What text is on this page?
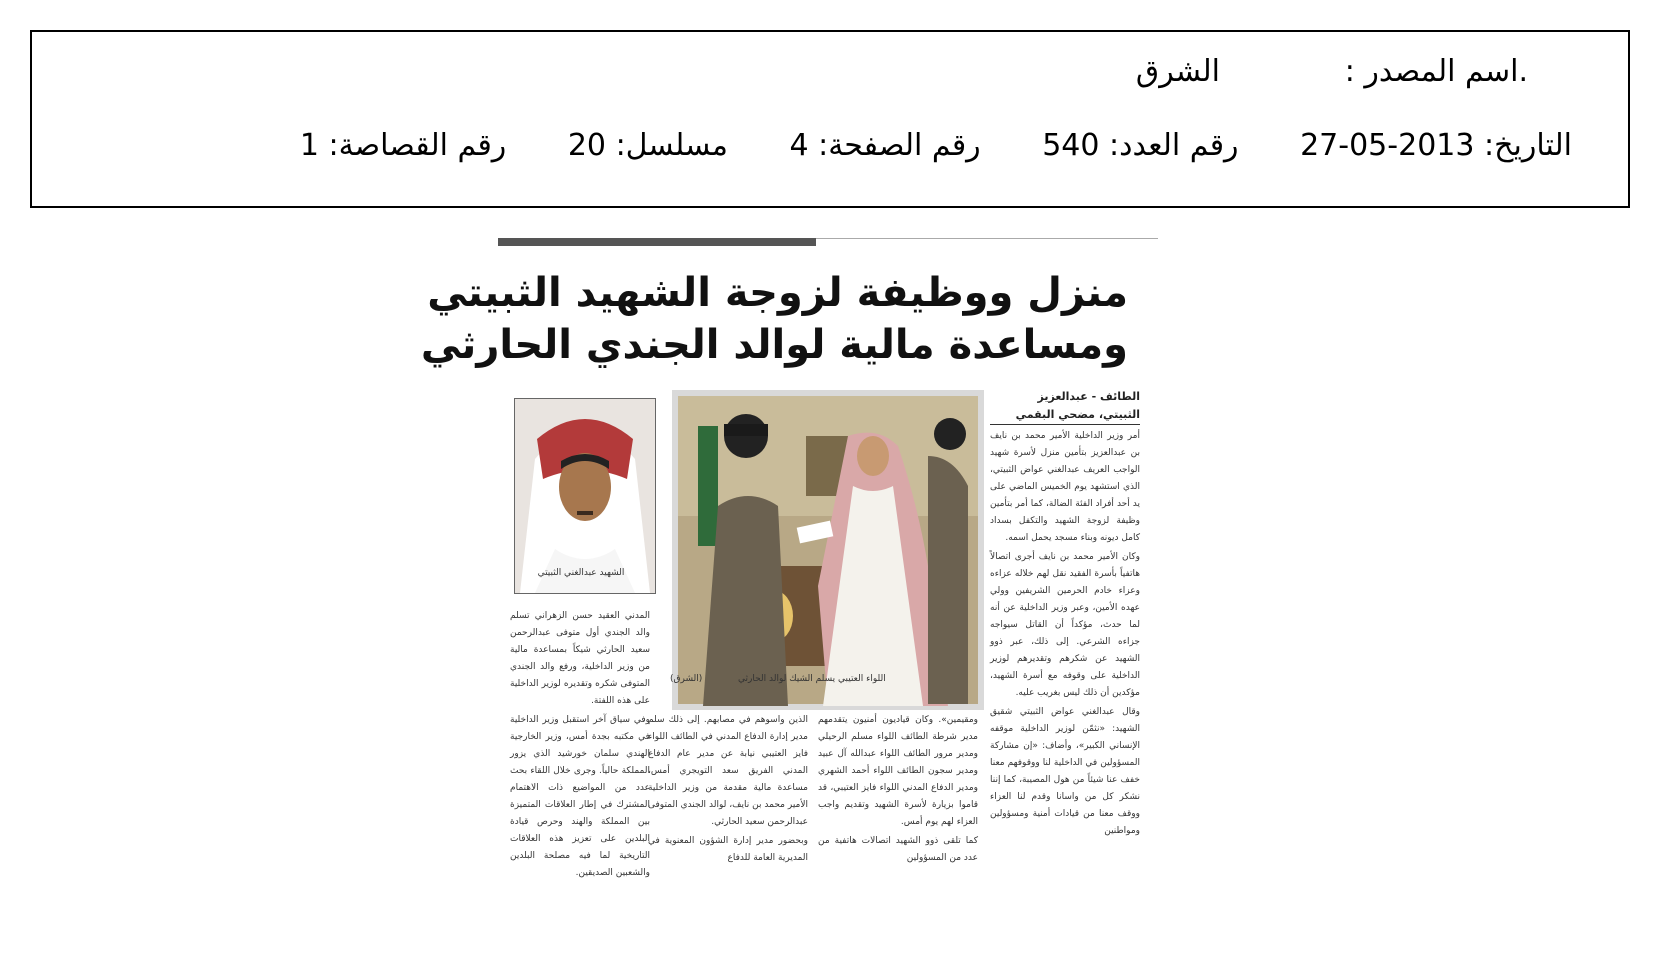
.اسم المصدر :
الشرق
التاريخ: 2013-05-27 رقم العدد: 540 رقم الصفحة: 4 مسلسل: 20 رقم القصاصة: 1
منزل ووظيفة لزوجة الشهيد الثبيتي
ومساعدة مالية لوالد الجندي الحارثي
الطائف - عبدالعزيز
الثبيتي، مضحي البقمي

أمر وزير الداخلية الأمير محمد بن نايف بن عبدالعزيز بتأمين منزل لأسرة شهيد الواجب العريف عبدالغني عواض الثبيتي، الذي استشهد يوم الخميس الماضي على يد أحد أفراد الفئة الضالة، كما أمر بتأمين وظيفة لزوجة الشهيد والتكفل بسداد كامل ديونه وبناء مسجد يحمل اسمه.

وكان الأمير محمد بن نايف أجرى اتصالاً هاتفياً بأسرة الفقيد نقل لهم خلاله عزاءه وعزاء خادم الحرمين الشريفين وولي عهده الأمين، وعبر وزير الداخلية عن أنه لما حدث، مؤكداً أن القاتل سيواجه جزاءه الشرعي. إلى ذلك، عبر ذوو الشهيد عن شكرهم وتقديرهم لوزير الداخلية على وقوفه مع أسرة الشهيد، مؤكدين أن ذلك ليس بغريب عليه.

وقال عبدالغني عواض الثبيتي شقيق الشهيد: «نثمّن لوزير الداخلية موقفه الإنساني الكبير»، وأضاف: «إن مشاركة المسؤولين في الداخلية لنا ووقوفهم معنا خفف عنا شيئاً من هول المصيبة، كما إننا نشكر كل من واسانا وقدم لنا العزاء ووقف معنا من قيادات أمنية ومسؤولين ومواطنين

اللواء العتيبي يسلم الشيك لوالد الحارثي
(الشرق)
الشهيد عبدالغني الثبيتي

ومقيمين». وكان قياديون أمنيون يتقدمهم مدير شرطة الطائف اللواء مسلم الرحيلي ومدير مرور الطائف اللواء عبدالله آل عبيد ومدير سجون الطائف اللواء أحمد الشهري ومدير الدفاع المدني اللواء فايز العتيبي، قد قاموا بزيارة لأسرة الشهيد وتقديم واجب العزاء لهم يوم أمس.

كما تلقى ذوو الشهيد اتصالات هاتفية من عدد من المسؤولين

الذين واسوهم في مصابهم. إلى ذلك سلم مدير إدارة الدفاع المدني في الطائف اللواء فايز العتيبي نيابة عن مدير عام الدفاع المدني الفريق سعد التويجري أمس، مساعدة مالية مقدمة من وزير الداخلية الأمير محمد بن نايف، لوالد الجندي المتوفى عبدالرحمن سعيد الحارثي.

وبحضور مدير إدارة الشؤون المعنوية في المديرية العامة للدفاع

المدني العقيد حسن الزهراني تسلم والد الجندي أول متوفى عبدالرحمن سعيد الحارثي شيكاً بمساعدة مالية من وزير الداخلية، ورفع والد الجندي المتوفى شكره وتقديره لوزير الداخلية على هذه اللفتة.

وفي سياق آخر استقبل وزير الداخلية في مكتبه بجدة أمس، وزير الخارجية الهندي سلمان خورشيد الذي يزور المملكة حالياً. وجرى خلال اللقاء بحث عدد من المواضيع ذات الاهتمام المشترك في إطار العلاقات المتميزة بين المملكة والهند وحرص قيادة البلدين على تعزيز هذه العلاقات التاريخية لما فيه مصلحة البلدين والشعبين الصديقين.
